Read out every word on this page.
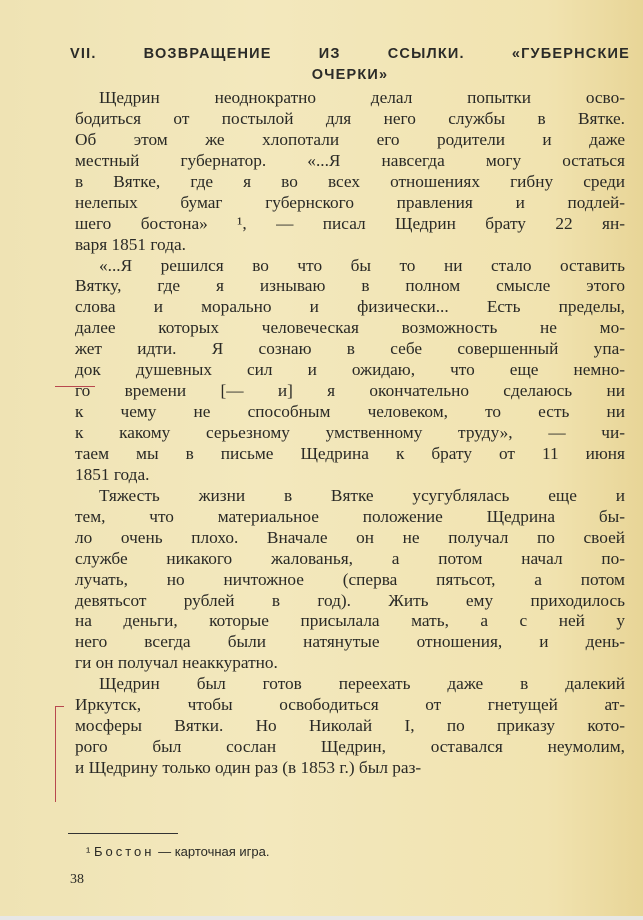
VII. ВОЗВРАЩЕНИЕ ИЗ ССЫЛКИ. «ГУБЕРНСКИЕ
ОЧЕРКИ»
Щедрин неоднократно делал попытки осво-
бодиться от постылой для него службы в Вятке.
Об этом же хлопотали его родители и даже
местный губернатор. «...Я навсегда могу остаться
в Вятке, где я во всех отношениях гибну среди
нелепых бумаг губернского правления и подлей-
шего бостона» ¹, — писал Щедрин брату 22 ян-
варя 1851 года.
«...Я решился во что бы то ни стало оставить
Вятку, где я изнываю в полном смысле этого
слова и морально и физически... Есть пределы,
далее которых человеческая возможность не мо-
жет идти. Я сознаю в себе совершенный упа-
док душевных сил и ожидаю, что еще немно-
го времени [— и] я окончательно сделаюсь ни
к чему не способным человеком, то есть ни
к какому серьезному умственному труду», — чи-
таем мы в письме Щедрина к брату от 11 июня
1851 года.
Тяжесть жизни в Вятке усугублялась еще и
тем, что материальное положение Щедрина бы-
ло очень плохо. Вначале он не получал по своей
службе никакого жалованья, а потом начал по-
лучать, но ничтожное (сперва пятьсот, а потом
девятьсот рублей в год). Жить ему приходилось
на деньги, которые присылала мать, а с ней у
него всегда были натянутые отношения, и день-
ги он получал неаккуратно.
Щедрин был готов переехать даже в далекий
Иркутск, чтобы освободиться от гнетущей ат-
мосферы Вятки. Но Николай I, по приказу кото-
рого был сослан Щедрин, оставался неумолим,
и Щедрину только один раз (в 1853 г.) был раз-
¹ Бостон — карточная игра.
38
